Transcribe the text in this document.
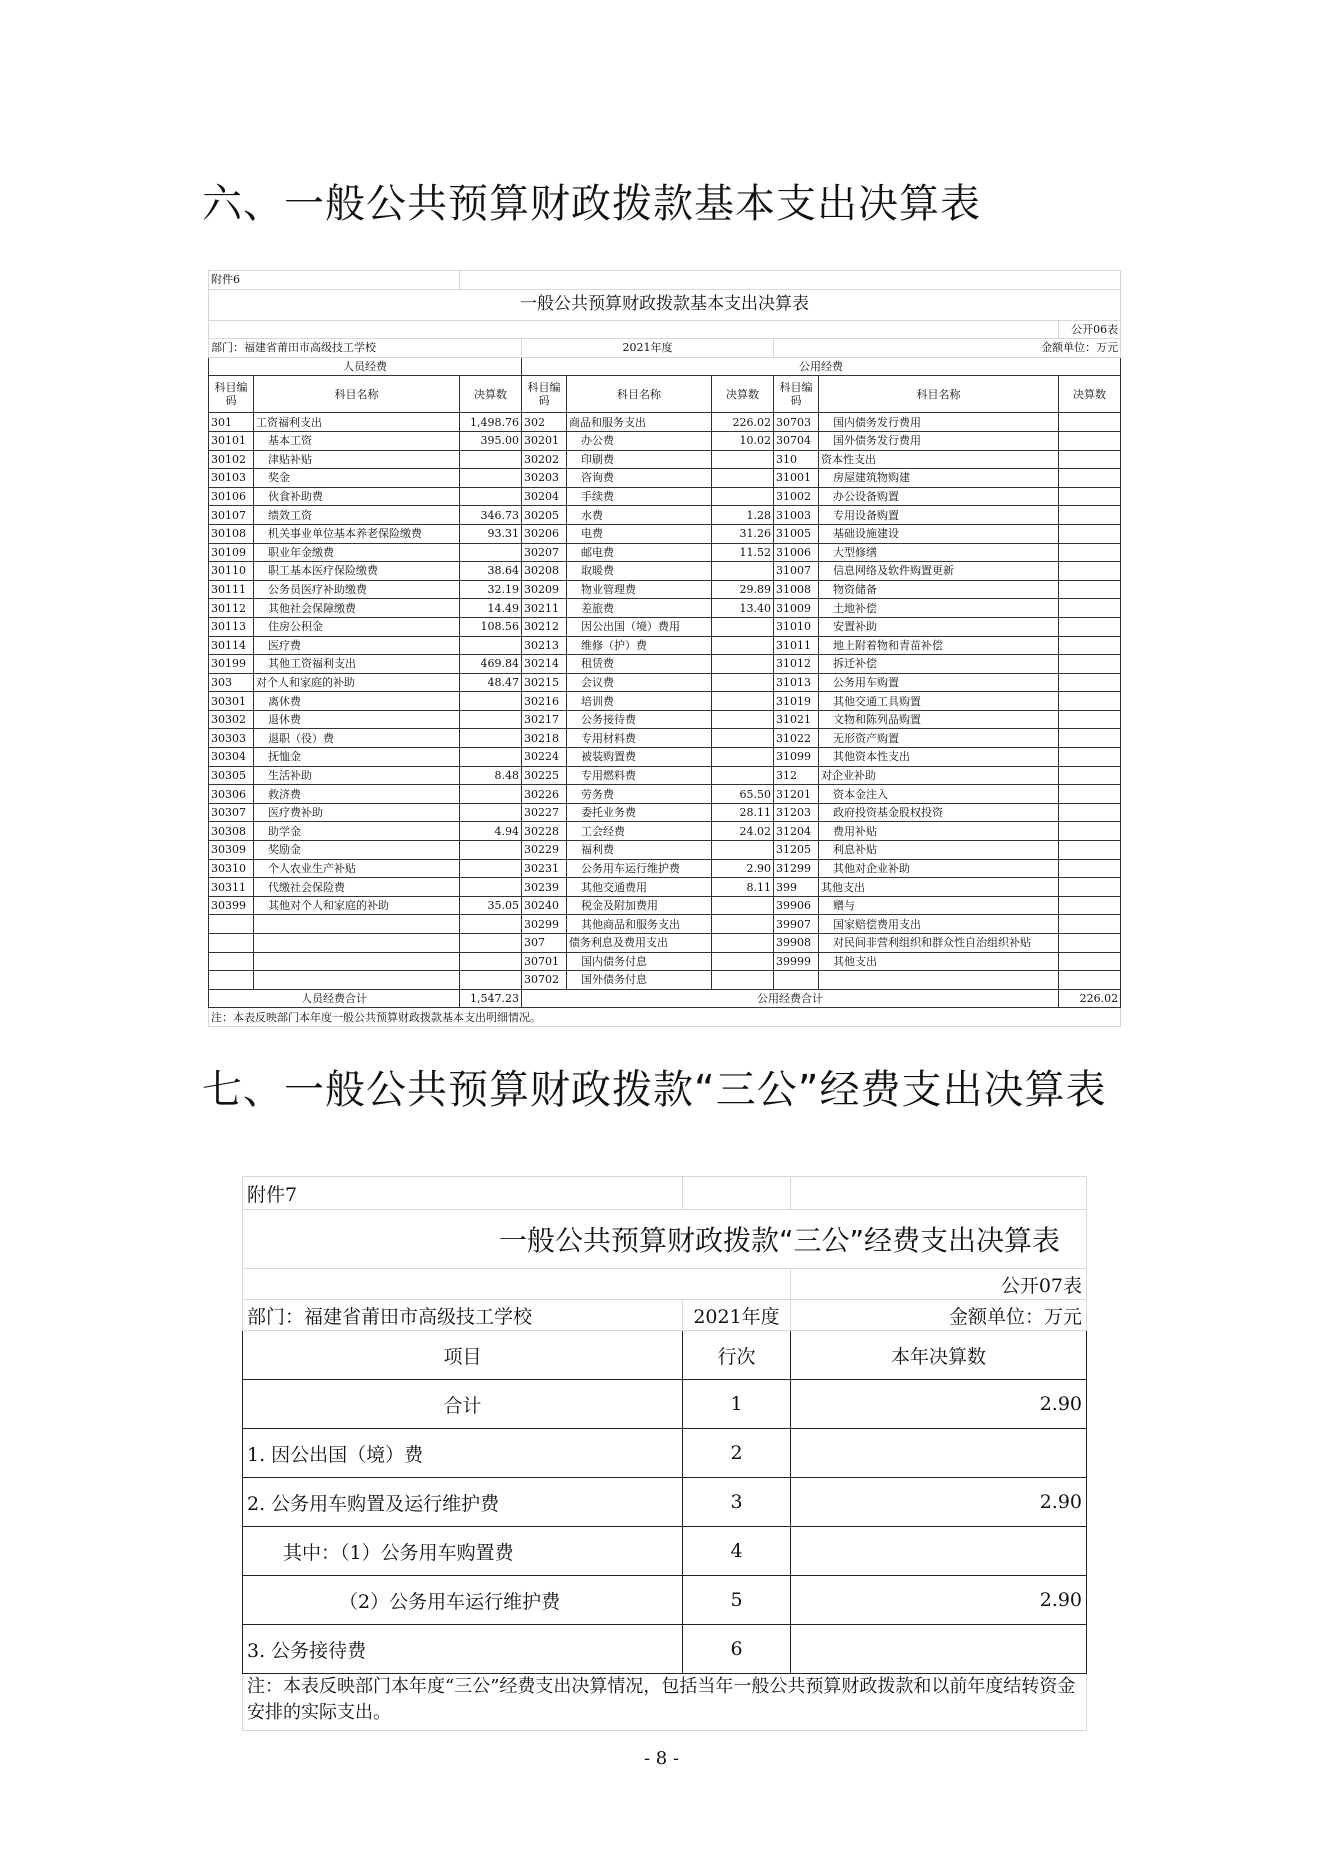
六、一般公共预算财政拨款基本支出决算表
附件6								
一般公共预算财政拨款基本支出决算表								
								公开06表
部门：福建省莆田市高级技工学校			2021年度			金额单位：万元		
人员经费			公用经费					
科目编码	科目名称	决算数	科目编码	科目名称	决算数	科目编码	科目名称	决算数
301	工资福利支出	1,498.76	302	商品和服务支出	226.02	30703	国内债务发行费用	
30101	基本工资	395.00	30201	办公费	10.02	30704	国外债务发行费用	
30102	津贴补贴		30202	印刷费		310	资本性支出	
30103	奖金		30203	咨询费		31001	房屋建筑物购建	
30106	伙食补助费		30204	手续费		31002	办公设备购置	
30107	绩效工资	346.73	30205	水费	1.28	31003	专用设备购置	
30108	机关事业单位基本养老保险缴费	93.31	30206	电费	31.26	31005	基础设施建设	
30109	职业年金缴费		30207	邮电费	11.52	31006	大型修缮	
30110	职工基本医疗保险缴费	38.64	30208	取暖费		31007	信息网络及软件购置更新	
30111	公务员医疗补助缴费	32.19	30209	物业管理费	29.89	31008	物资储备	
30112	其他社会保障缴费	14.49	30211	差旅费	13.40	31009	土地补偿	
30113	住房公积金	108.56	30212	因公出国（境）费用		31010	安置补助	
30114	医疗费		30213	维修（护）费		31011	地上附着物和青苗补偿	
30199	其他工资福利支出	469.84	30214	租赁费		31012	拆迁补偿	
303	对个人和家庭的补助	48.47	30215	会议费		31013	公务用车购置	
30301	离休费		30216	培训费		31019	其他交通工具购置	
30302	退休费		30217	公务接待费		31021	文物和陈列品购置	
30303	退职（役）费		30218	专用材料费		31022	无形资产购置	
30304	抚恤金		30224	被装购置费		31099	其他资本性支出	
30305	生活补助	8.48	30225	专用燃料费		312	对企业补助	
30306	救济费		30226	劳务费	65.50	31201	资本金注入	
30307	医疗费补助		30227	委托业务费	28.11	31203	政府投资基金股权投资	
30308	助学金	4.94	30228	工会经费	24.02	31204	费用补贴	
30309	奖励金		30229	福利费		31205	利息补贴	
30310	个人农业生产补贴		30231	公务用车运行维护费	2.90	31299	其他对企业补助	
30311	代缴社会保险费		30239	其他交通费用	8.11	399	其他支出	
30399	其他对个人和家庭的补助	35.05	30240	税金及附加费用		39906	赠与	
			30299	其他商品和服务支出		39907	国家赔偿费用支出	
			307	债务利息及费用支出		39908	对民间非营利组织和群众性自治组织补贴	
			30701	国内债务付息		39999	其他支出	
			30702	国外债务付息				
人员经费合计		1,547.23	公用经费合计					226.02
注：本表反映部门本年度一般公共预算财政拨款基本支出明细情况。								
七、一般公共预算财政拨款“三公”经费支出决算表
附件7		
一般公共预算财政拨款“三公”经费支出决算表		
		公开07表
部门：福建省莆田市高级技工学校	2021年度	金额单位：万元
项目	行次	本年决算数
合计	1	2.90
1. 因公出国（境）费	2	
2. 公务用车购置及运行维护费	3	2.90
其中：（1）公务用车购置费	4	
（2）公务用车运行维护费	5	2.90
3. 公务接待费	6	
注：本表反映部门本年度“三公”经费支出决算情况，包括当年一般公共预算财政拨款和以前年度结转资金安排的实际支出。		
- 8 -
